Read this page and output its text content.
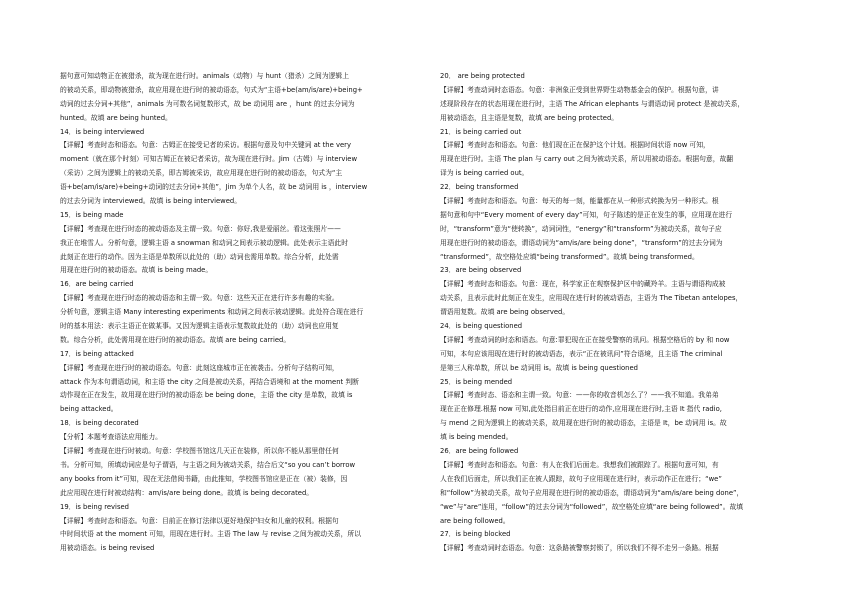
据句意可知动物正在被猎杀，故为现在进行时。animals（动物）与 hunt（猎杀）之间为逻辑上
的被动关系，即动物被猎杀，故应用现在进行时的被动语态，句式为“主语+be(am/is/are)+being+
动词的过去分词+其他”，animals 为可数名词复数形式，故 be 动词用 are ，hunt 的过去分词为
hunted。故填 are being hunted。
14．is being interviewed
【详解】考查时态和语态。句意：古姆正在接受记者的采访。根据句意及句中关键词 at the very
moment（就在那个时刻）可知古姆正在被记者采访，故为现在进行时。Jim（古姆）与 interview
（采访）之间为逻辑上的被动关系，即古姆被采访，故应用现在进行时的被动语态，句式为“主
语+be(am/is/are)+being+动词的过去分词+其他”，Jim 为单个人名，故 be 动词用 is ，interview
的过去分词为 interviewed。故填 is being interviewed。
15．is being made
【详解】考查现在进行时态的被动语态及主谓一致。句意：你好,我是爱丽丝。看这张照片——
我正在堆雪人。分析句意，逻辑主语 a snowman 和动词之间表示被动逻辑。此处表示主语此时
此刻正在进行的动作。因为主语是单数所以此处的（助）动词也需用单数。综合分析，此处需
用现在进行时的被动语态。故填 is being made。
16．are being carried
【详解】考查现在进行时态的被动语态和主谓一致。句意：这些天正在进行许多有趣的实验。
分析句意，逻辑主语 Many interesting experiments 和动词之间表示被动逻辑。此处符合现在进行
时的基本用法：表示主语正在做某事。又因为逻辑主语表示复数故此处的（助）动词也应用复
数。综合分析，此处需用现在进行时的被动语态。故填 are being carried。
17．is being attacked
【详解】考查现在进行时的被动语态。句意：此刻这座城市正在被袭击。分析句子结构可知，
attack 作为本句谓语动词，和主语 the city 之间是被动关系，再结合语境和 at the moment 判断
动作现在正在发生，故用现在进行时的被动语态 be being done，主语 the city 是单数，故填 is
being attacked。
18．is being decorated
【分析】本题考查语法应用能力。
【详解】考查现在进行时被动。句意：学校图书馆这几天正在装修，所以你不能从那里借任何
书。分析可知，所填动词应是句子谓语，与主语之间为被动关系，结合后文“so you can’t borrow
any books from it”可知，现在无法借阅书籍，由此推知，学校图书馆应是正在（被）装修，因
此应用现在进行时被动结构：am/is/are being done。故填 is being decorated。
19．is being revised
【详解】考查时态和语态。句意：目前正在修订法律以更好地保护妇女和儿童的权利。根据句
中时间状语 at the moment 可知，用现在进行时。主语 The law 与 revise 之间为被动关系，所以
用被动语态。is being revised
20． are being protected
【详解】考查动词时态语态。句意：非洲象正受到世界野生动物基金会的保护。根据句意，讲
述现阶段存在的状态用现在进行时，主语 The African elephants 与谓语动词 protect 是被动关系，
用被动语态，且主语是复数，故填 are being protected。
21．is being carried out
【详解】考查时态和语态。句意：他们现在正在保护这个计划。根据时间状语 now 可知，
用现在进行时。主语 The plan 与 carry out 之间为被动关系，所以用被动语态。根据句意，故翻
译为 is being carried out。
22．being transformed
【详解】考查时态和语态。句意：每天的每一刻，能量都在从一种形式转换为另一种形式。根
据句意和句中“Every moment of every day”可知，句子陈述的是正在发生的事，应用现在进行
时，“transform”意为“使转换”，动词词性，“energy”和“transform”为被动关系，故句子应
用现在进行时的被动语态，谓语动词为“am/is/are being done”，“transform”的过去分词为
“transformed”，故空格处应填“being transformed”。故填 being transformed。
23．are being observed
【详解】考查时态和语态。句意：现在，科学家正在观察保护区中的藏羚羊。主语与谓语构成被
动关系，且表示此时此刻正在发生，应用现在进行时的被动语态，主语为 The Tibetan antelopes，
谓语用复数。故填 are being observed。
24．is being questioned
【详解】考查动词的时态和语态。句意:罪犯现在正在接受警察的讯问。根据空格后的 by 和 now
可知，本句应该用现在进行时的被动语态，表示“正在被讯问”符合语境，且主语 The criminal
是第三人称单数，所以 be 动词用 is。故填 is being questioned
25．is being mended
【详解】考查时态、语态和主谓一致。句意：——你的收音机怎么了？——我不知道。我弟弟
现在正在修理.根据 now 可知,此处指目前正在进行的动作,应用现在进行时,主语 It 指代 radio,
与 mend 之间为逻辑上的被动关系，故用现在进行时的被动语态，主语是 It，be 动词用 is。故
填 is being mended。
26．are being followed
【详解】考查时态和语态。句意：有人在我们后面走。我想我们被跟踪了。根据句意可知，有
人在我们后面走，所以我们正在被人跟踪，故句子应用现在进行时，表示动作正在进行；“we”
和“follow”为被动关系，故句子应用现在进行时的被动语态，谓语动词为“am/is/are being done”，
“we”与“are”连用，“follow”的过去分词为“followed”，故空格处应填“are being followed”。故填
are being followed。
27．is being blocked
【详解】考查动词时态语态。句意：这条路被警察封锁了，所以我们不得不走另一条路。根据
